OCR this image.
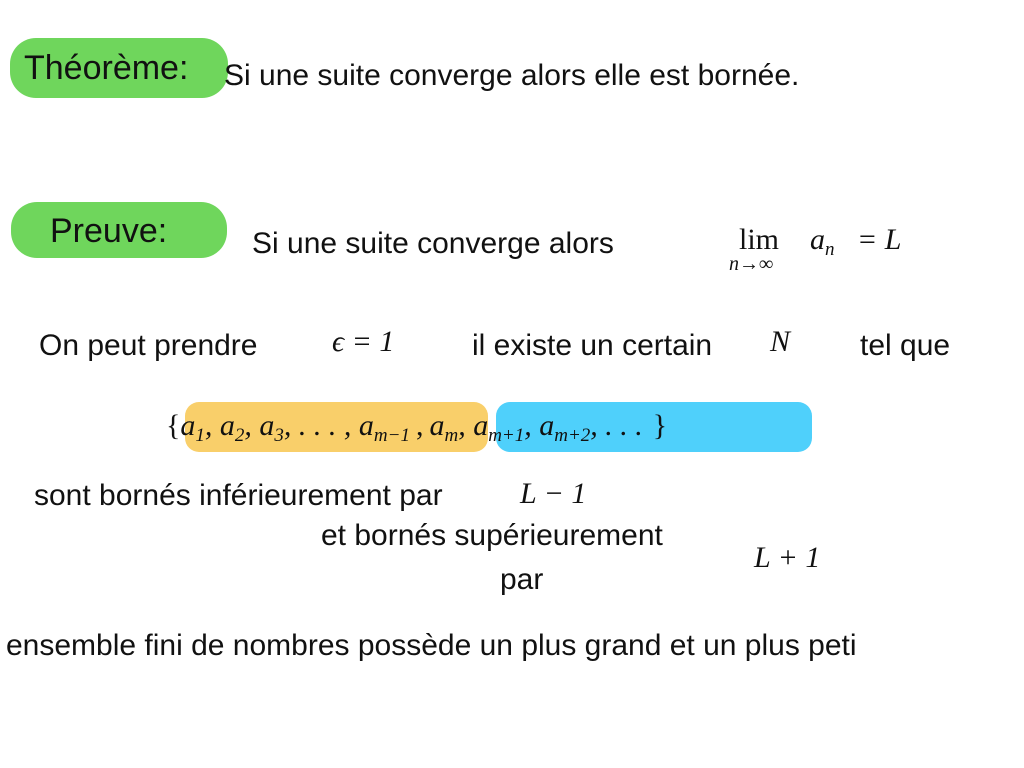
Théorème: Si une suite converge alors elle est bornée.
Preuve:	Si une suite converge alors	lim
n→∞
$a_n = L$
On peut prendre ϵ = 1	il existe un certain N tel que
{$a_1$, $a_2$, $a_3$, . . . , $a_{m-1}$ , $a_m$, $a_{m+1}$, $a_{m+2}$, . . . }
sont bornés inférieurement par	L − 1
et bornés supérieurement
par
L + 1
ensemble fini de nombres possède un plus grand et un plus peti
